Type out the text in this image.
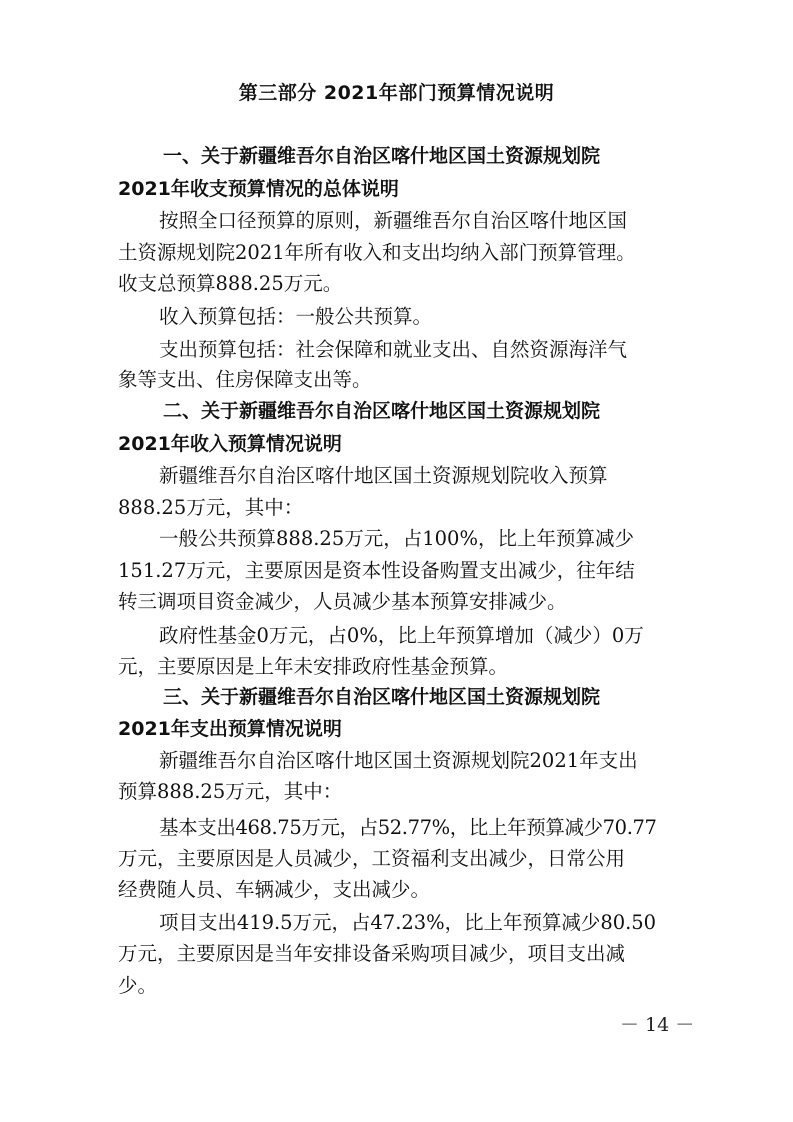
第三部分 2021年部门预算情况说明
一、关于新疆维吾尔自治区喀什地区国土资源规划院
2021年收支预算情况的总体说明
按照全口径预算的原则，新疆维吾尔自治区喀什地区国
土资源规划院2021年所有收入和支出均纳入部门预算管理。
收支总预算888.25万元。
收入预算包括：一般公共预算。
支出预算包括：社会保障和就业支出、自然资源海洋气
象等支出、住房保障支出等。
二、关于新疆维吾尔自治区喀什地区国土资源规划院
2021年收入预算情况说明
新疆维吾尔自治区喀什地区国土资源规划院收入预算
888.25万元，其中：
一般公共预算888.25万元，占100%，比上年预算减少
151.27万元，主要原因是资本性设备购置支出减少，往年结
转三调项目资金减少，人员减少基本预算安排减少。
政府性基金0万元，占0%，比上年预算增加（减少）0万
元，主要原因是上年未安排政府性基金预算。
三、关于新疆维吾尔自治区喀什地区国土资源规划院
2021年支出预算情况说明
新疆维吾尔自治区喀什地区国土资源规划院2021年支出
预算888.25万元，其中：
基本支出468.75万元，占52.77%，比上年预算减少70.77
万元，主要原因是人员减少，工资福利支出减少，日常公用
经费随人员、车辆减少，支出减少。
项目支出419.5万元，占47.23%，比上年预算减少80.50
万元，主要原因是当年安排设备采购项目减少，项目支出减
少。
－ 14 －
